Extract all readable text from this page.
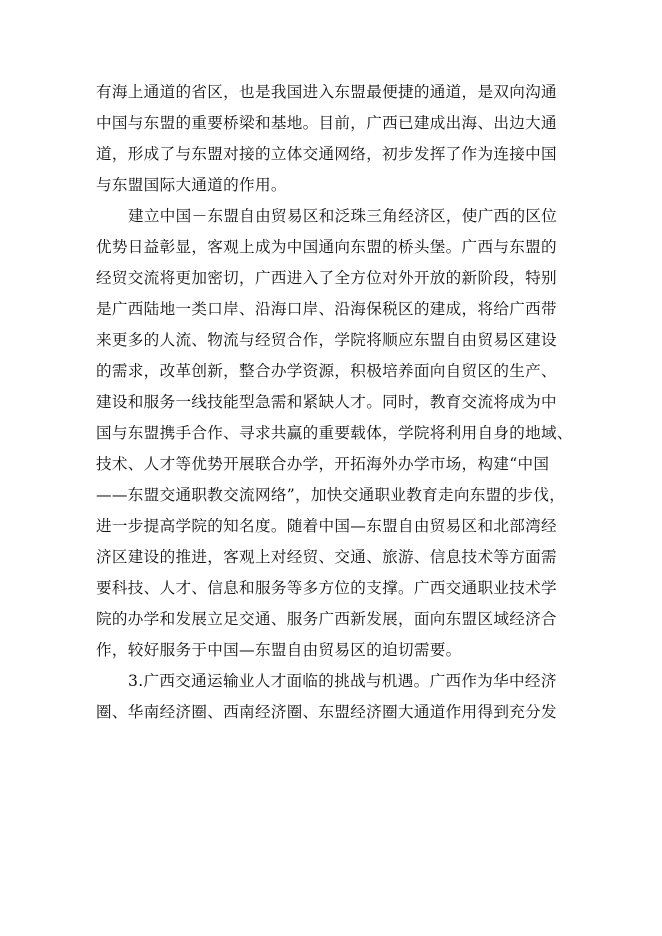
有海上通道的省区，也是我国进入东盟最便捷的通道，是双向沟通
中国与东盟的重要桥梁和基地。目前，广西已建成出海、出边大通
道，形成了与东盟对接的立体交通网络，初步发挥了作为连接中国
与东盟国际大通道的作用。
建立中国－东盟自由贸易区和泛珠三角经济区，使广西的区位
优势日益彰显，客观上成为中国通向东盟的桥头堡。广西与东盟的
经贸交流将更加密切，广西进入了全方位对外开放的新阶段，特别
是广西陆地一类口岸、沿海口岸、沿海保税区的建成，将给广西带
来更多的人流、物流与经贸合作，学院将顺应东盟自由贸易区建设
的需求，改革创新，整合办学资源，积极培养面向自贸区的生产、
建设和服务一线技能型急需和紧缺人才。同时，教育交流将成为中
国与东盟携手合作、寻求共赢的重要载体，学院将利用自身的地域、
技术、人才等优势开展联合办学，开拓海外办学市场，构建“中国
——东盟交通职教交流网络”，加快交通职业教育走向东盟的步伐，
进一步提高学院的知名度。随着中国—东盟自由贸易区和北部湾经
济区建设的推进，客观上对经贸、交通、旅游、信息技术等方面需
要科技、人才、信息和服务等多方位的支撑。广西交通职业技术学
院的办学和发展立足交通、服务广西新发展，面向东盟区域经济合
作，较好服务于中国—东盟自由贸易区的迫切需要。
3.广西交通运输业人才面临的挑战与机遇。广西作为华中经济
圈、华南经济圈、西南经济圈、东盟经济圈大通道作用得到充分发
